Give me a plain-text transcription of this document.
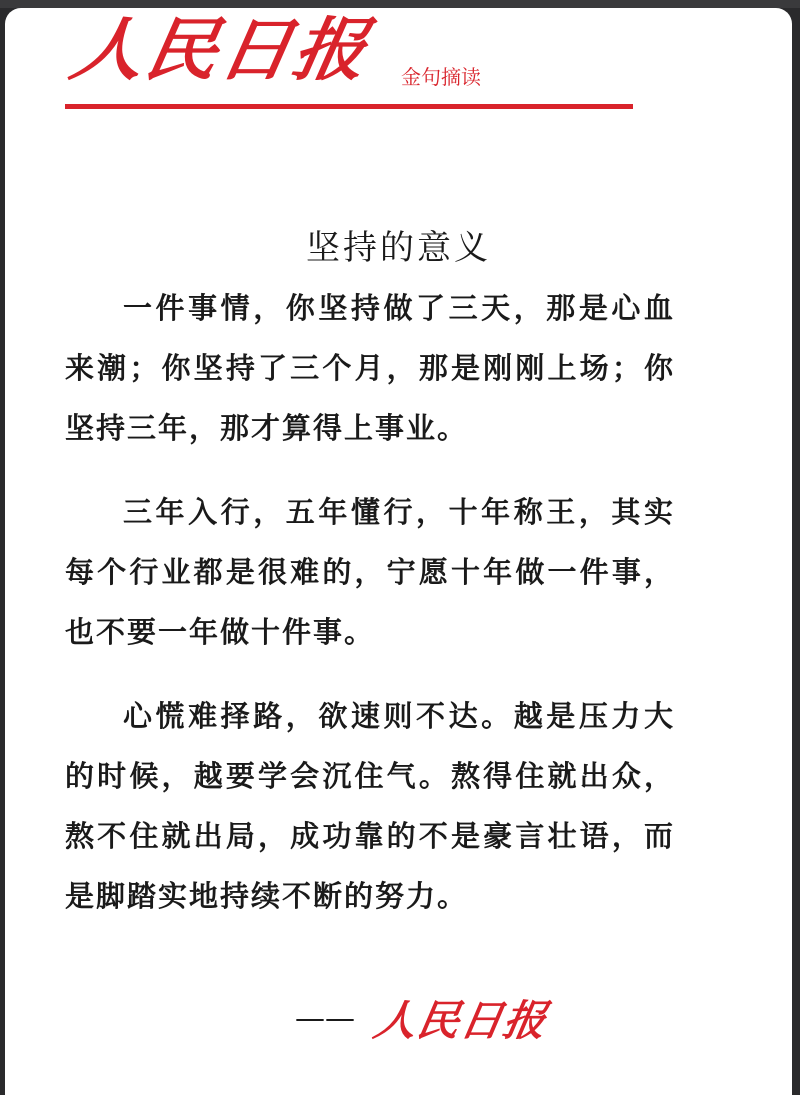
人民日报 金句摘读
坚持的意义

一件事情，你坚持做了三天，那是心血来潮；你坚持了三个月，那是刚刚上场；你坚持三年，那才算得上事业。

三年入行，五年懂行，十年称王，其实每个行业都是很难的，宁愿十年做一件事，也不要一年做十件事。

心慌难择路，欲速则不达。越是压力大的时候，越要学会沉住气。熬得住就出众，熬不住就出局，成功靠的不是豪言壮语，而是脚踏实地持续不断的努力。

—— 人民日报
